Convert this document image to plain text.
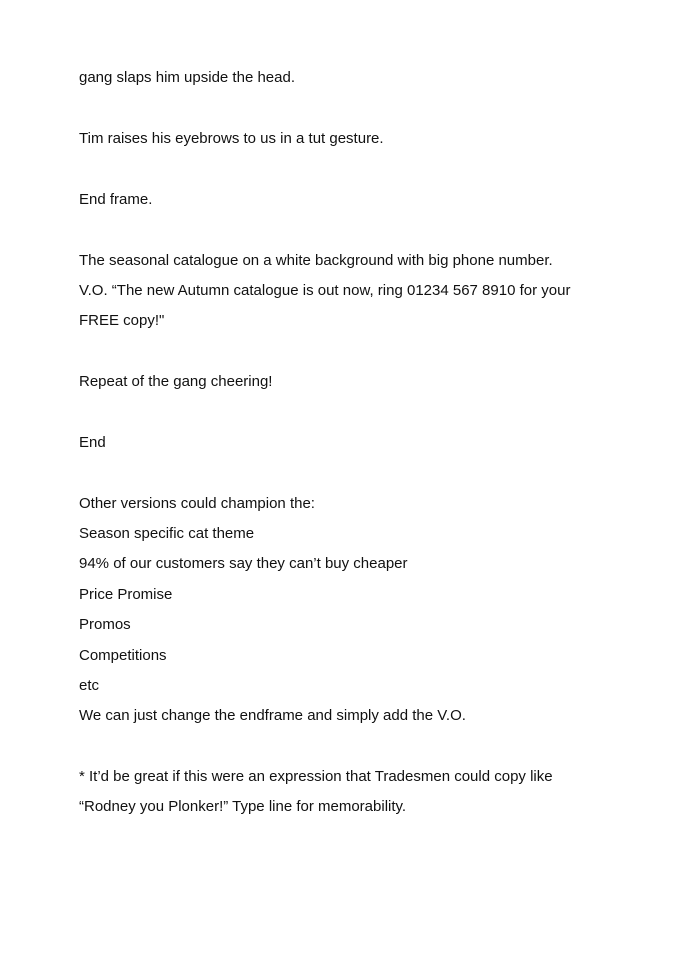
gang slaps him upside the head.
Tim raises his eyebrows to us in a tut gesture.
End frame.
The seasonal catalogue on a white background with big phone number.
V.O. “The new Autumn catalogue is out now, ring 01234 567 8910 for your
FREE copy!"
Repeat of the gang cheering!
End
Other versions could champion the:
Season specific cat theme
94% of our customers say they can’t buy cheaper
Price Promise
Promos
Competitions
etc
We can just change the endframe and simply add the V.O.
* It’d be great if this were an expression that Tradesmen could copy like
“Rodney you Plonker!” Type line for memorability.
